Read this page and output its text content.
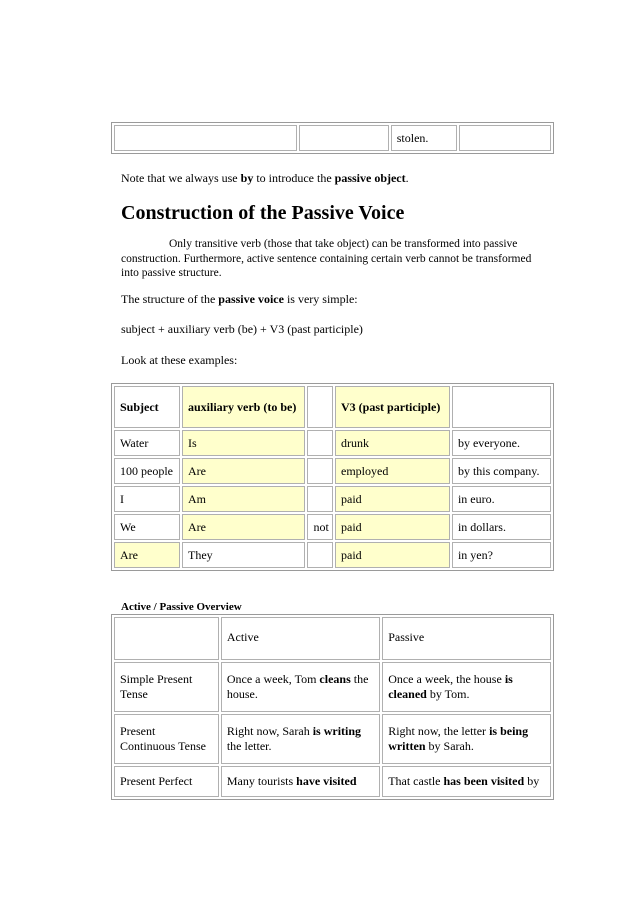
		stolen.	
Note that we always use by to introduce the passive object.
Construction of the Passive Voice
Only transitive verb (those that take object) can be transformed into passive construction. Furthermore, active sentence containing certain verb cannot be transformed into passive structure.
The structure of the passive voice is very simple:
subject + auxiliary verb (be) + V3 (past participle)
Look at these examples:
Subject	auxiliary verb (to be)		V3 (past participle)	
Water	Is		drunk	by everyone.
100 people	Are		employed	by this company.
I	Am		paid	in euro.
We	Are	not	paid	in dollars.
Are	They		paid	in yen?
Active / Passive Overview
	Active	Passive
Simple Present Tense	Once a week, Tom cleans the house.	Once a week, the house is cleaned by Tom.
Present Continuous Tense	Right now, Sarah is writing the letter.	Right now, the letter is being written by Sarah.
Present Perfect	Many tourists have visited	That castle has been visited by
